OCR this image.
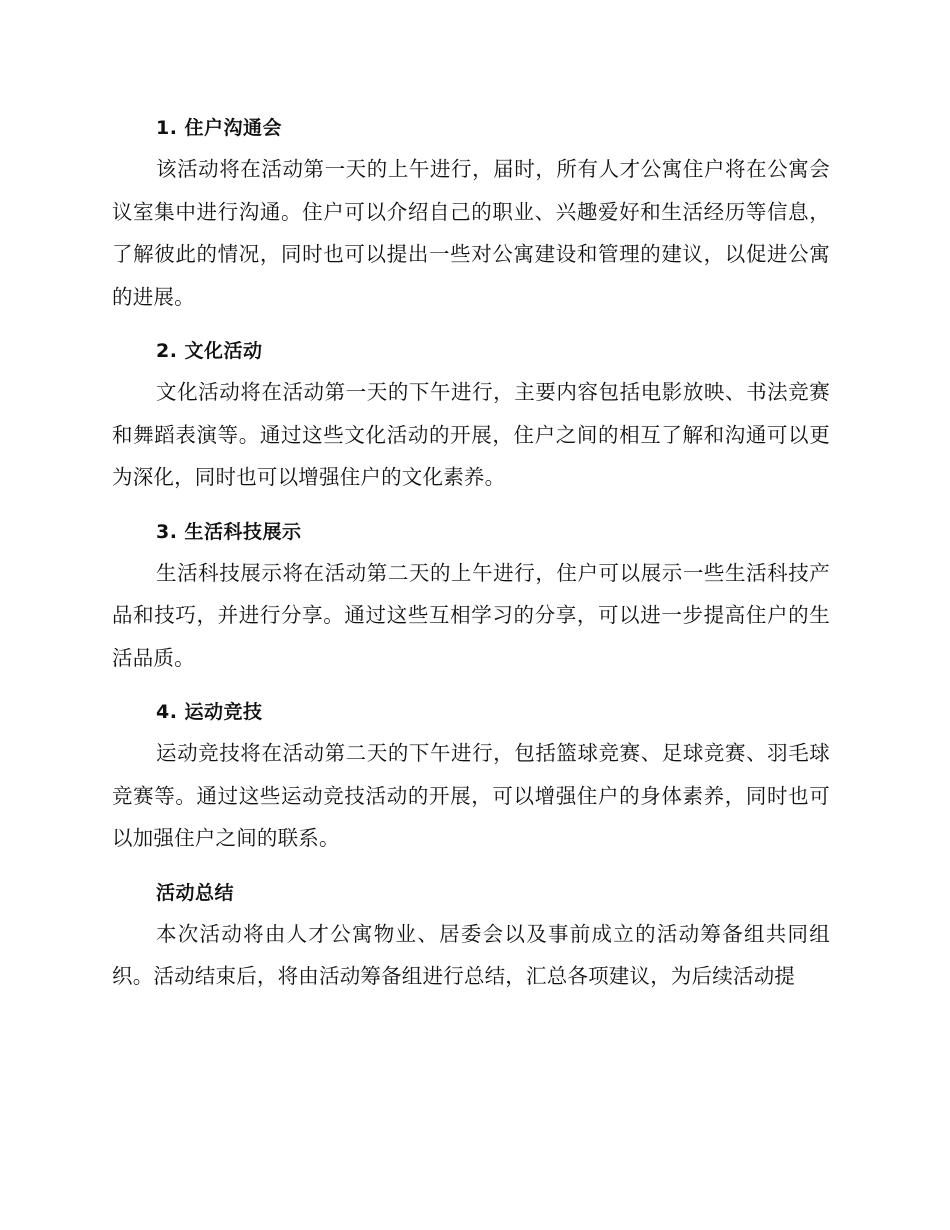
1. 住户沟通会

该活动将在活动第一天的上午进行，届时，所有人才公寓住户将在公寓会议室集中进行沟通。住户可以介绍自己的职业、兴趣爱好和生活经历等信息，了解彼此的情况，同时也可以提出一些对公寓建设和管理的建议，以促进公寓的进展。

2. 文化活动

文化活动将在活动第一天的下午进行，主要内容包括电影放映、书法竞赛和舞蹈表演等。通过这些文化活动的开展，住户之间的相互了解和沟通可以更为深化，同时也可以增强住户的文化素养。

3. 生活科技展示

生活科技展示将在活动第二天的上午进行，住户可以展示一些生活科技产品和技巧，并进行分享。通过这些互相学习的分享，可以进一步提高住户的生活品质。

4. 运动竞技

运动竞技将在活动第二天的下午进行，包括篮球竞赛、足球竞赛、羽毛球竞赛等。通过这些运动竞技活动的开展，可以增强住户的身体素养，同时也可以加强住户之间的联系。

活动总结

本次活动将由人才公寓物业、居委会以及事前成立的活动筹备组共同组织。活动结束后，将由活动筹备组进行总结，汇总各项建议，为后续活动提
